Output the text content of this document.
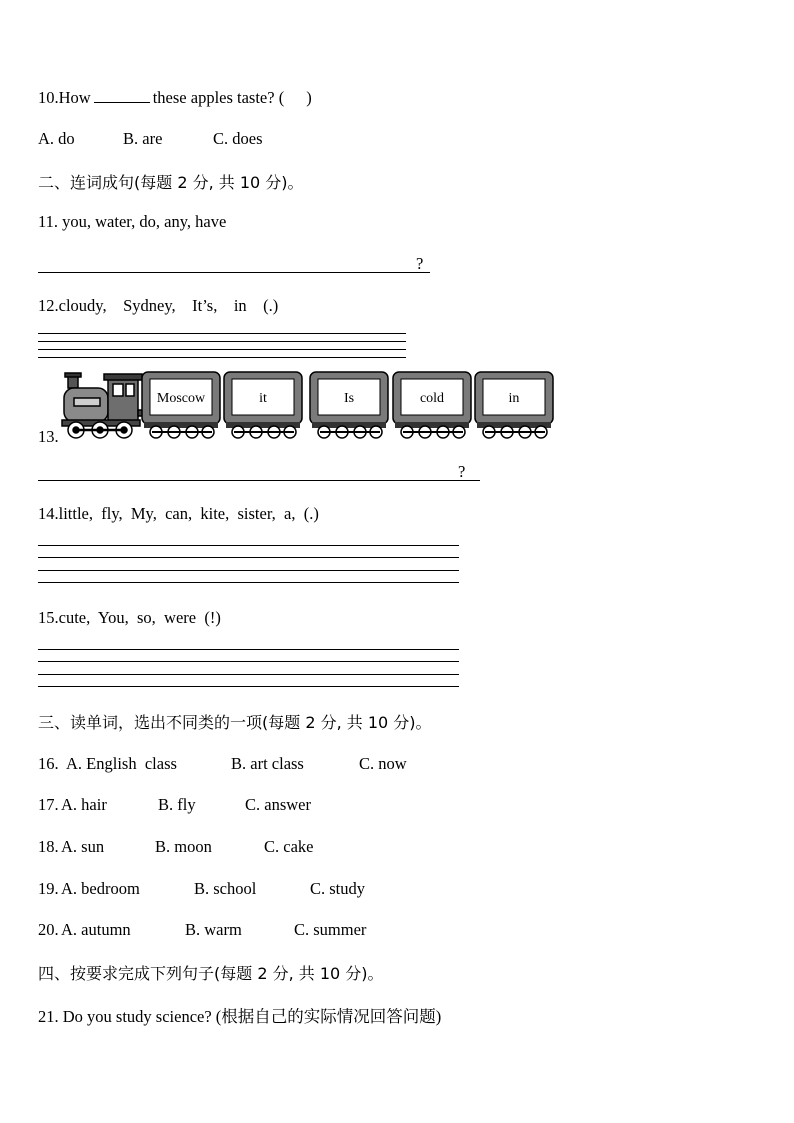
10.How	these apples taste? ( )
A. do	B. are	C. does
二、连词成句(每题 2 分, 共 10 分)。
11. you, water, do, any, have
?
12.cloudy,    Sydney,    It’s,    in    (.)
13.
Moscow	it	Is	cold	in
?
14.little,  fly,  My,  can,  kite,  sister,  a,  (.)
15.cute,  You,  so,  were  (!)
三、读单词，选出不同类的一项(每题 2 分, 共 10 分)。
16. A. English  class	B. art class	C. now
17. A. hair	B. fly	C. answer
18. A. sun	B. moon	C. cake
19. A. bedroom	B. school	C. study
20. A. autumn	B. warm	C. summer
四、按要求完成下列句子(每题 2 分, 共 10 分)。
21. Do you study science? (根据自己的实际情况回答问题)
